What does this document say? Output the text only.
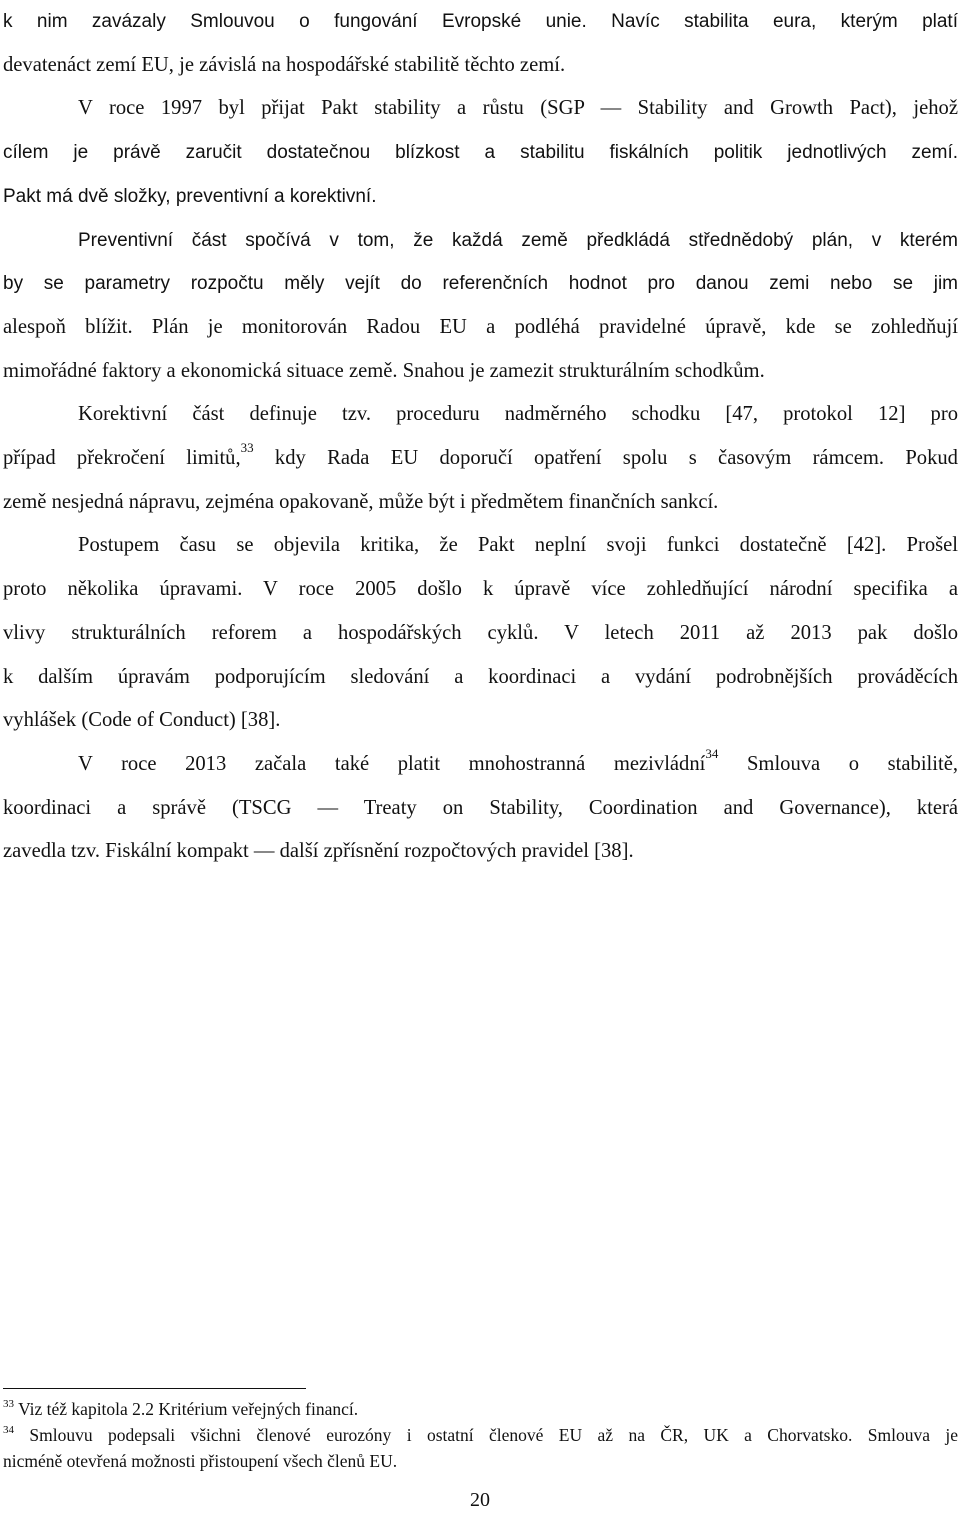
k nim zavázaly Smlouvou o fungování Evropské unie. Navíc stabilita eura, kterým platí
devatenáct zemí EU, je závislá na hospodářské stabilitě těchto zemí.

V roce 1997 byl přijat Pakt stability a růstu (SGP — Stability and Growth Pact), jehož
cílem je právě zaručit dostatečnou blízkost a stabilitu fiskálních politik jednotlivých zemí.
Pakt má dvě složky, preventivní a korektivní.

Preventivní část spočívá v tom, že každá země předkládá střednědobý plán, v kterém
by se parametry rozpočtu měly vejít do referenčních hodnot pro danou zemi nebo se jim
alespoň blížit. Plán je monitorován Radou EU a podléhá pravidelné úpravě, kde se zohledňují
mimořádné faktory a ekonomická situace země. Snahou je zamezit strukturálním schodkům.

Korektivní část definuje tzv. proceduru nadměrného schodku [47, protokol 12] pro
případ překročení limitů,$^{33}$ kdy Rada EU doporučí opatření spolu s časovým rámcem. Pokud
země nesjedná nápravu, zejména opakovaně, může být i předmětem finančních sankcí.

Postupem času se objevila kritika, že Pakt neplní svoji funkci dostatečně [42]. Prošel
proto několika úpravami. V roce 2005 došlo k úpravě více zohledňující národní specifika a
vlivy strukturálních reforem a hospodářských cyklů. V letech 2011 až 2013 pak došlo
k dalším úpravám podporujícím sledování a koordinaci a vydání podrobnějších prováděcích
vyhlášek (Code of Conduct) [38].

V roce 2013 začala také platit mnohostranná mezivládní$^{34}$ Smlouva o stabilitě,
koordinaci a správě (TSCG — Treaty on Stability, Coordination and Governance), která
zavedla tzv. Fiskální kompakt — další zpřísnění rozpočtových pravidel [38].

$^{33}$ Viz též kapitola 2.2 Kritérium veřejných financí.
$^{34}$ Smlouvu podepsali všichni členové eurozóny i ostatní členové EU až na ČR, UK a Chorvatsko. Smlouva je
nicméně otevřená možnosti přistoupení všech členů EU.
20
